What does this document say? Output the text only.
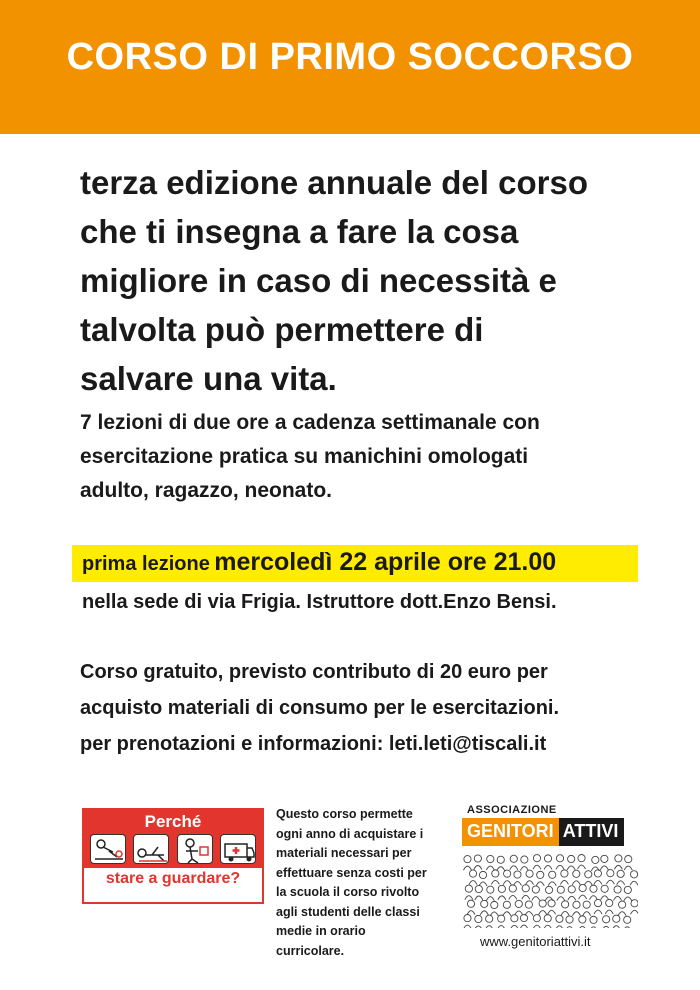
CORSO DI PRIMO SOCCORSO
terza edizione annuale del corso
che ti insegna a fare la cosa
migliore in caso di necessità e
talvolta può permettere di
salvare una vita.
7 lezioni di due ore a cadenza settimanale con
esercitazione pratica su manichini omologati
adulto, ragazzo, neonato.
prima lezione mercoledì 22 aprile ore 21.00
nella sede di via Frigia. Istruttore dott.Enzo Bensi.
Corso gratuito, previsto contributo di 20 euro per
acquisto materiali di consumo per le esercitazioni.
per prenotazioni e informazioni: leti.leti@tiscali.it
Perché
stare a guardare?
Questo corso permette
ogni anno di acquistare i
materiali necessari per
effettuare senza costi per
la scuola il corso rivolto
agli studenti delle classi
medie in orario
curricolare.
ASSOCIAZIONE
GENITORI ATTIVI
www.genitoriattivi.it
